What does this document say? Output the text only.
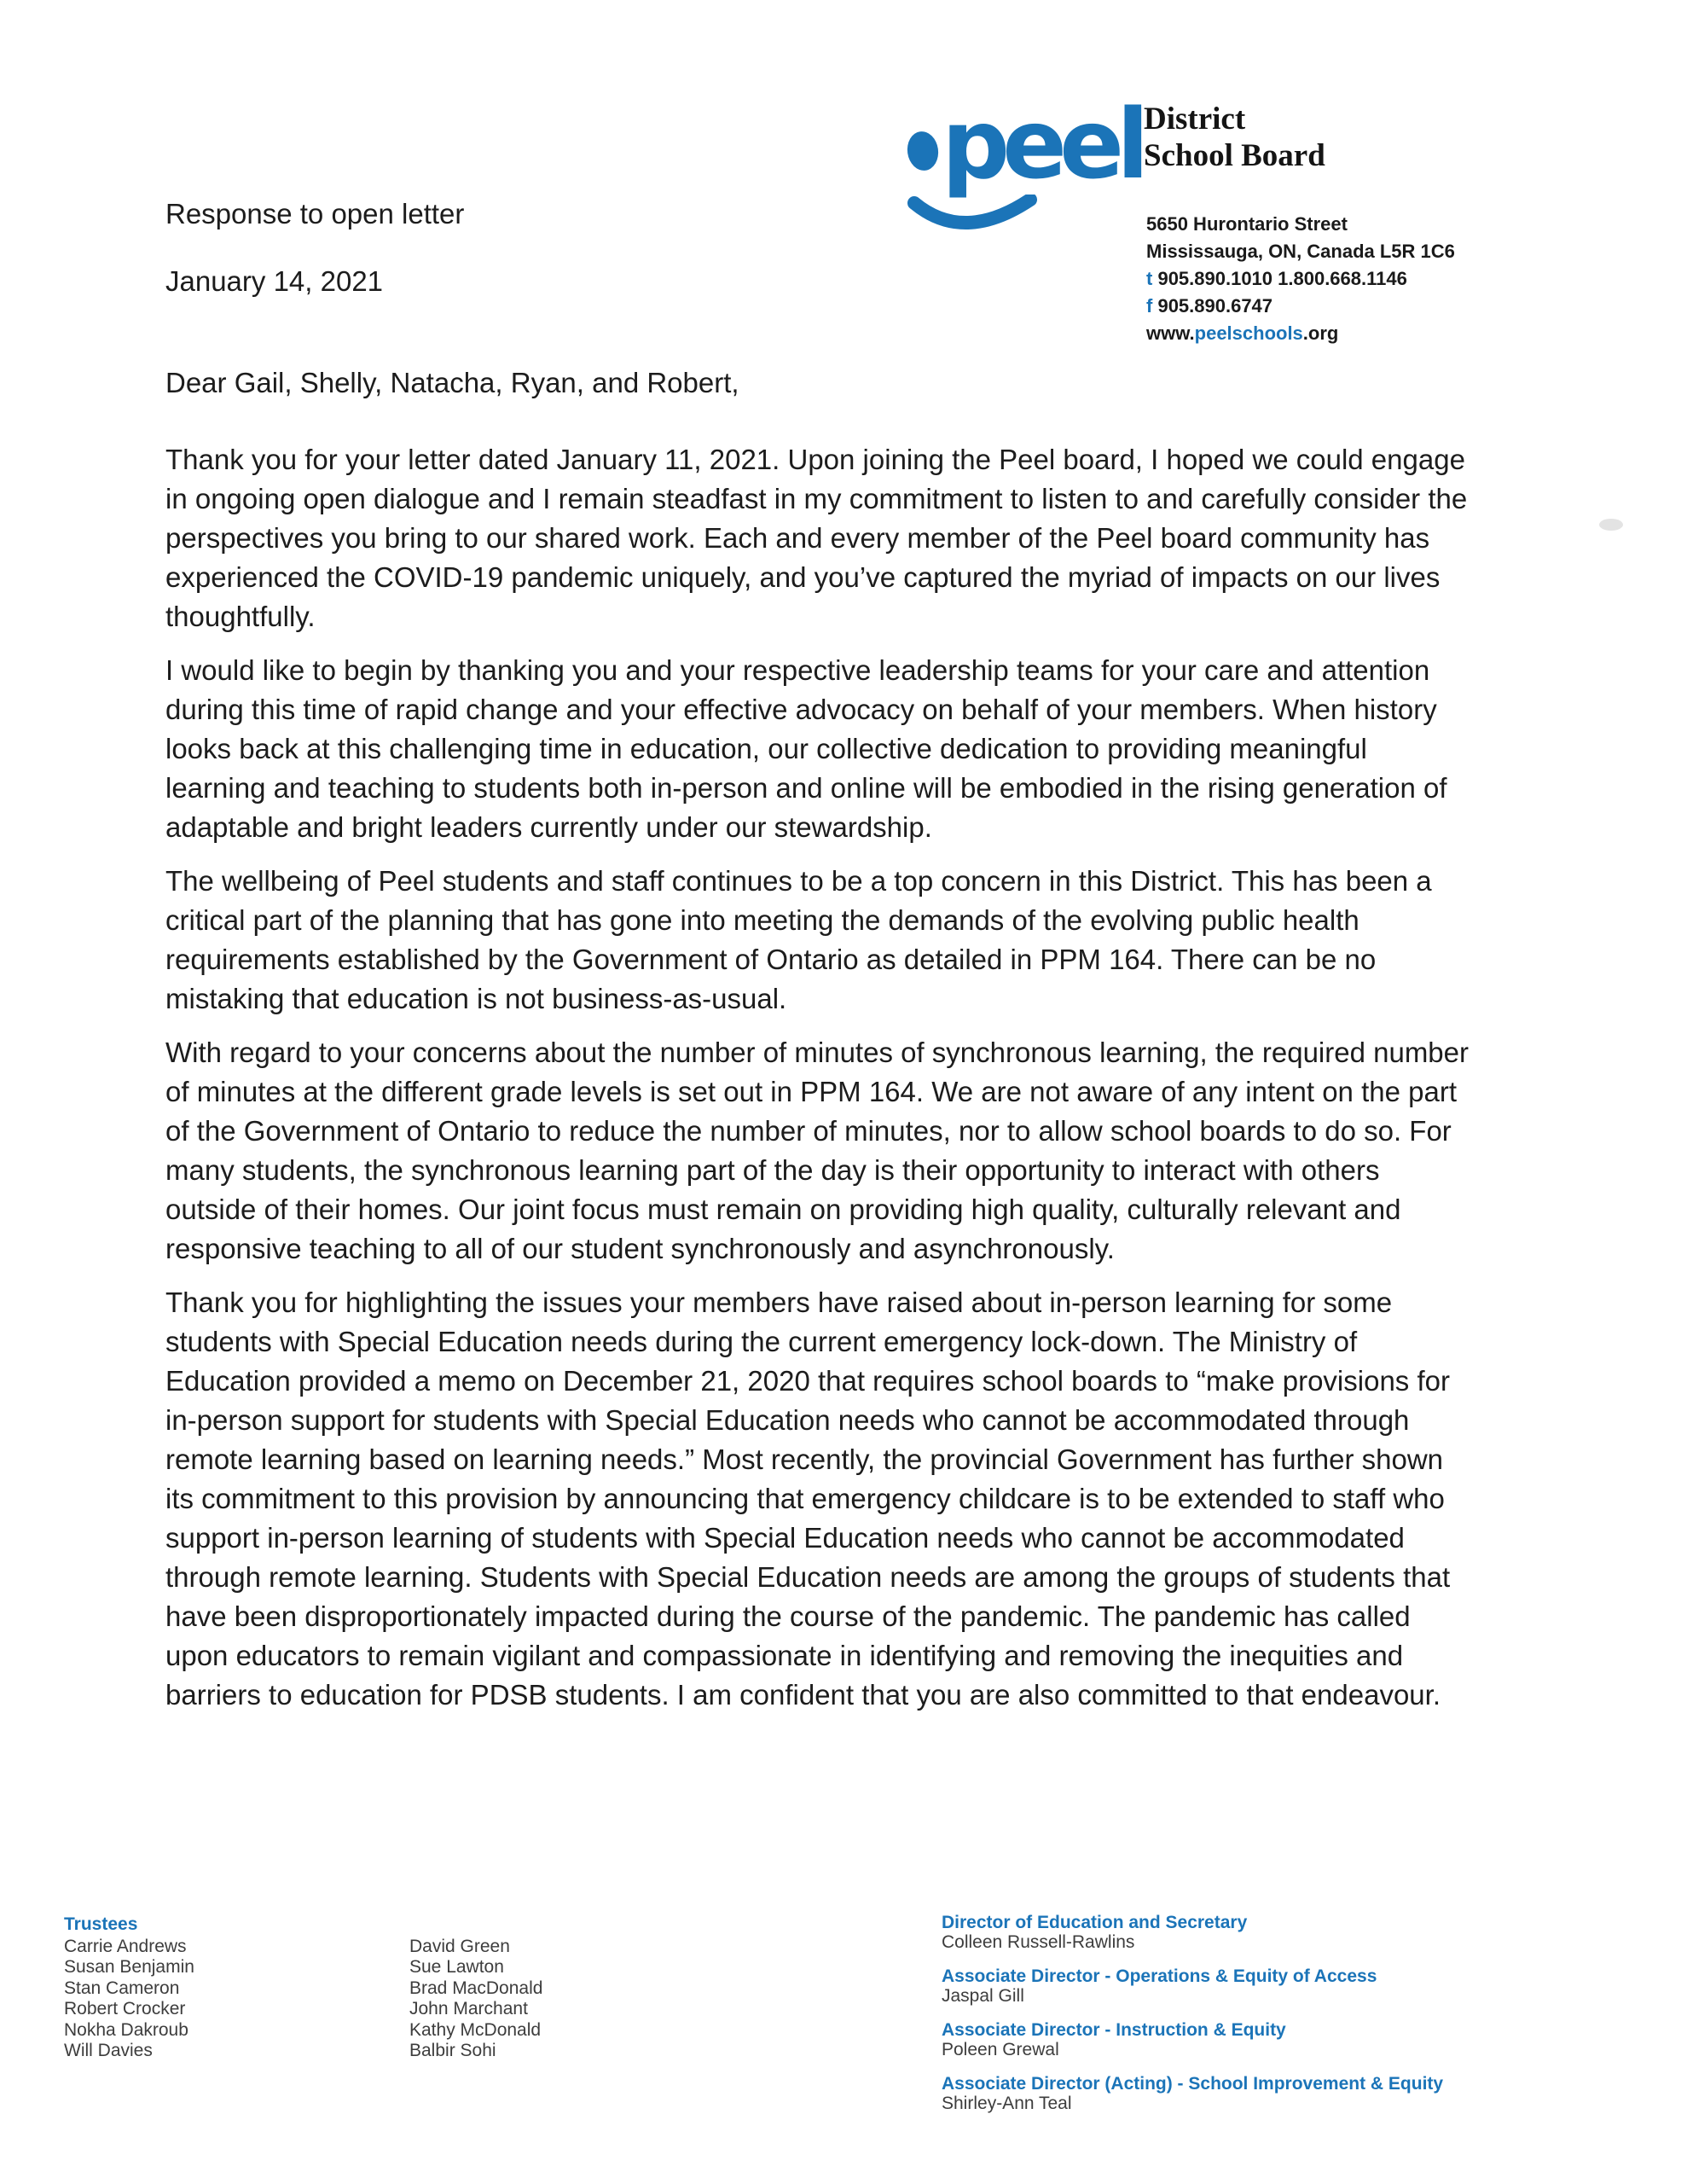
Response to open letter
January 14, 2021
peel District
School Board
5650 Hurontario Street
Mississauga, ON, Canada L5R 1C6
t 905.890.1010 1.800.668.1146
f 905.890.6747
www.peelschools.org

Dear Gail, Shelly, Natacha, Ryan, and Robert,

Thank you for your letter dated January 11, 2021. Upon joining the Peel board, I hoped we could engage in ongoing open dialogue and I remain steadfast in my commitment to listen to and carefully consider the perspectives you bring to our shared work. Each and every member of the Peel board community has experienced the COVID-19 pandemic uniquely, and you’ve captured the myriad of impacts on our lives thoughtfully.

I would like to begin by thanking you and your respective leadership teams for your care and attention during this time of rapid change and your effective advocacy on behalf of your members. When history looks back at this challenging time in education, our collective dedication to providing meaningful learning and teaching to students both in-person and online will be embodied in the rising generation of adaptable and bright leaders currently under our stewardship.

The wellbeing of Peel students and staff continues to be a top concern in this District. This has been a critical part of the planning that has gone into meeting the demands of the evolving public health requirements established by the Government of Ontario as detailed in PPM 164. There can be no mistaking that education is not business-as-usual.

With regard to your concerns about the number of minutes of synchronous learning, the required number of minutes at the different grade levels is set out in PPM 164. We are not aware of any intent on the part of the Government of Ontario to reduce the number of minutes, nor to allow school boards to do so. For many students, the synchronous learning part of the day is their opportunity to interact with others outside of their homes. Our joint focus must remain on providing high quality, culturally relevant and responsive teaching to all of our student synchronously and asynchronously.

Thank you for highlighting the issues your members have raised about in-person learning for some students with Special Education needs during the current emergency lock-down. The Ministry of Education provided a memo on December 21, 2020 that requires school boards to “make provisions for in-person support for students with Special Education needs who cannot be accommodated through remote learning based on learning needs.” Most recently, the provincial Government has further shown its commitment to this provision by announcing that emergency childcare is to be extended to staff who support in-person learning of students with Special Education needs who cannot be accommodated through remote learning. Students with Special Education needs are among the groups of students that have been disproportionately impacted during the course of the pandemic. The pandemic has called upon educators to remain vigilant and compassionate in identifying and removing the inequities and barriers to education for PDSB students. I am confident that you are also committed to that endeavour.

Trustees
Carrie Andrews
Susan Benjamin
Stan Cameron
Robert Crocker
Nokha Dakroub
Will Davies
David Green
Sue Lawton
Brad MacDonald
John Marchant
Kathy McDonald
Balbir Sohi
Director of Education and Secretary
Colleen Russell-Rawlins
Associate Director - Operations & Equity of Access
Jaspal Gill
Associate Director - Instruction & Equity
Poleen Grewal
Associate Director (Acting) - School Improvement & Equity
Shirley-Ann Teal
